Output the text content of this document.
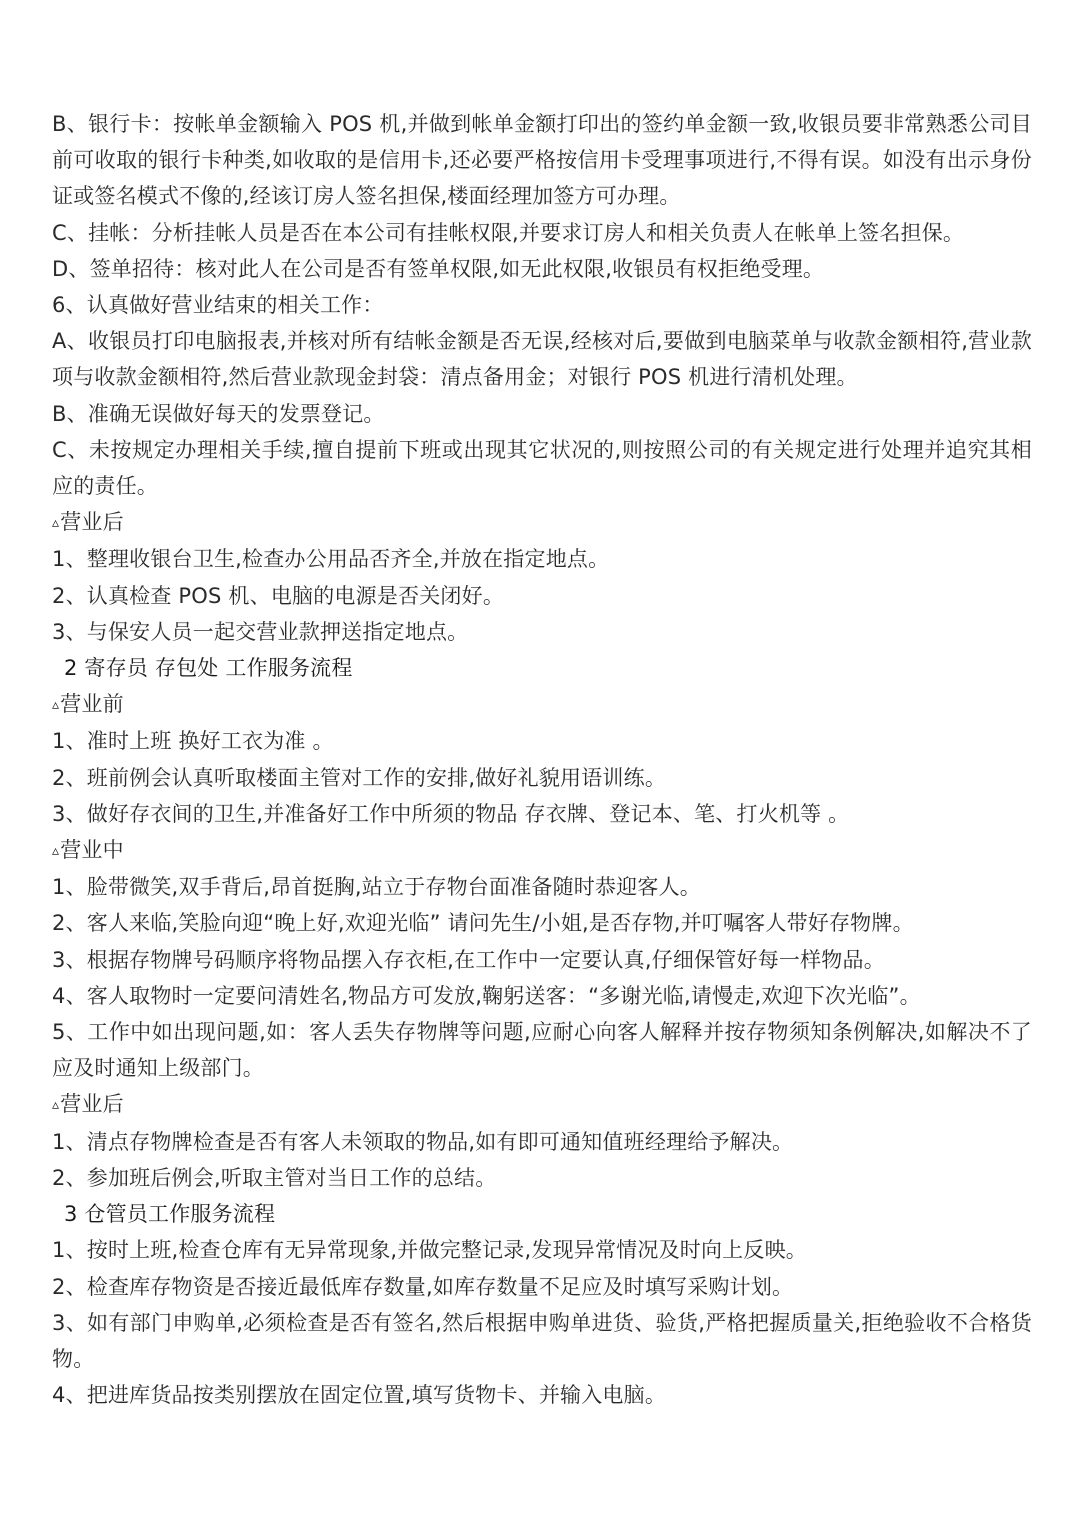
B、银行卡：按帐单金额输入 POS 机,并做到帐单金额打印出的签约单金额一致,收银员要非常熟悉公司目前可收取的银行卡种类,如收取的是信用卡,还必要严格按信用卡受理事项进行,不得有误。如没有出示身份证或签名模式不像的,经该订房人签名担保,楼面经理加签方可办理。

C、挂帐：分析挂帐人员是否在本公司有挂帐权限,并要求订房人和相关负责人在帐单上签名担保。

D、签单招待：核对此人在公司是否有签单权限,如无此权限,收银员有权拒绝受理。

6、认真做好营业结束的相关工作：

A、收银员打印电脑报表,并核对所有结帐金额是否无误,经核对后,要做到电脑菜单与收款金额相符,营业款项与收款金额相符,然后营业款现金封袋：清点备用金；对银行 POS 机进行清机处理。

B、准确无误做好每天的发票登记。

C、未按规定办理相关手续,擅自提前下班或出现其它状况的,则按照公司的有关规定进行处理并追究其相应的责任。

▵营业后

1、整理收银台卫生,检查办公用品否齐全,并放在指定地点。

2、认真检查 POS 机、电脑的电源是否关闭好。

3、与保安人员一起交营业款押送指定地点。

2 寄存员 存包处 工作服务流程

▵营业前

1、准时上班 换好工衣为准 。

2、班前例会认真听取楼面主管对工作的安排,做好礼貌用语训练。

3、做好存衣间的卫生,并准备好工作中所须的物品 存衣牌、登记本、笔、打火机等 。

▵营业中

1、脸带微笑,双手背后,昂首挺胸,站立于存物台面准备随时恭迎客人。

2、客人来临,笑脸向迎“晚上好,欢迎光临” 请问先生/小姐,是否存物,并叮嘱客人带好存物牌。

3、根据存物牌号码顺序将物品摆入存衣柜,在工作中一定要认真,仔细保管好每一样物品。

4、客人取物时一定要问清姓名,物品方可发放,鞠躬送客：“多谢光临,请慢走,欢迎下次光临”。

5、工作中如出现问题,如：客人丢失存物牌等问题,应耐心向客人解释并按存物须知条例解决,如解决不了应及时通知上级部门。

▵营业后

1、清点存物牌检查是否有客人未领取的物品,如有即可通知值班经理给予解决。

2、参加班后例会,听取主管对当日工作的总结。

3 仓管员工作服务流程

1、按时上班,检查仓库有无异常现象,并做完整记录,发现异常情况及时向上反映。

2、检查库存物资是否接近最低库存数量,如库存数量不足应及时填写采购计划。

3、如有部门申购单,必须检查是否有签名,然后根据申购单进货、验货,严格把握质量关,拒绝验收不合格货物。

4、把进库货品按类别摆放在固定位置,填写货物卡、并输入电脑。
